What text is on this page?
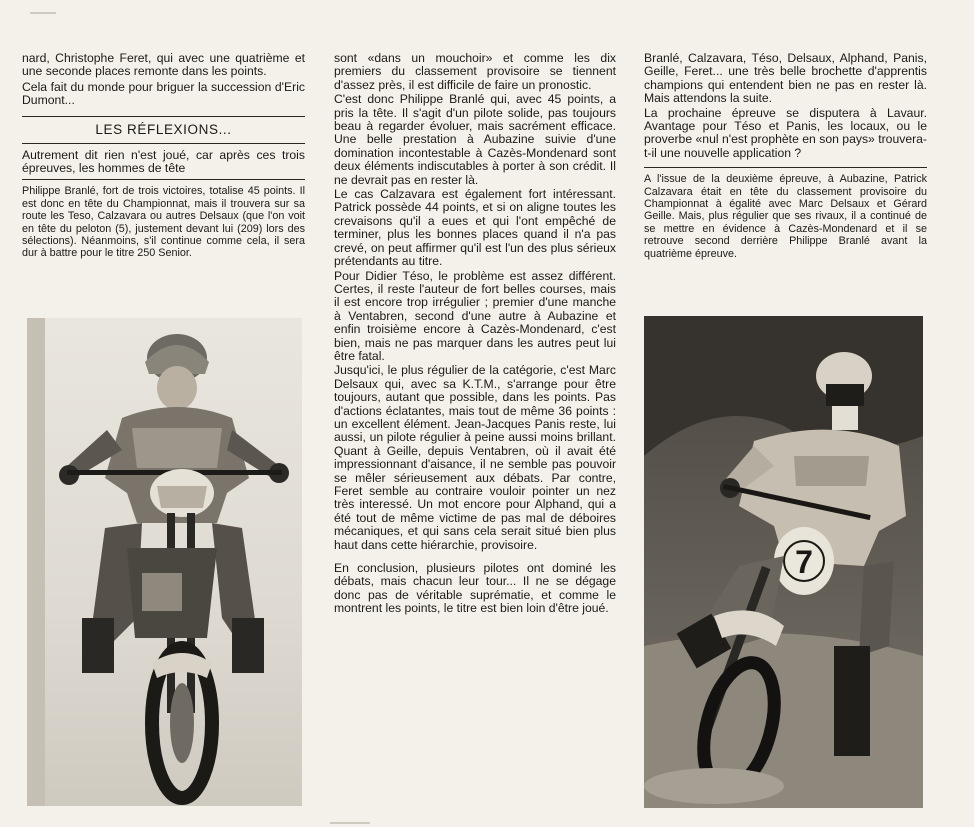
nard, Christophe Feret, qui avec une quatrième et une seconde places remonte dans les points.

Cela fait du monde pour briguer la succession d'Eric Dumont...

LES RÉFLEXIONS...

Autrement dit rien n'est joué, car après ces trois épreuves, les hommes de tête

Philippe Branlé, fort de trois victoires, totalise 45 points. Il est donc en tête du Championnat, mais il trouvera sur sa route les Teso, Calzavara ou autres Delsaux (que l'on voit en tête du peloton (5), justement devant lui (209) lors des sélections). Néanmoins, s'il continue comme cela, il sera dur à battre pour le titre 250 Senior.

sont «dans un mouchoir» et comme les dix premiers du classement provisoire se tiennent d'assez près, il est difficile de faire un pronostic.

C'est donc Philippe Branlé qui, avec 45 points, a pris la tête. Il s'agit d'un pilote solide, pas toujours beau à regarder évoluer, mais sacrément efficace. Une belle prestation à Aubazine suivie d'une domination incontestable à Cazès-Mondenard sont deux éléments indiscutables à porter à son crédit. Il ne devrait pas en rester là.

Le cas Calzavara est également fort intéressant. Patrick possède 44 points, et si on aligne toutes les crevaisons qu'il a eues et qui l'ont empêché de terminer, plus les bonnes places quand il n'a pas crevé, on peut affirmer qu'il est l'un des plus sérieux prétendants au titre.

Pour Didier Téso, le problème est assez différent. Certes, il reste l'auteur de fort belles courses, mais il est encore trop irrégulier ; premier d'une manche à Ventabren, second d'une autre à Aubazine et enfin troisième encore à Cazès-Mondenard, c'est bien, mais ne pas marquer dans les autres peut lui être fatal.

Jusqu'ici, le plus régulier de la catégorie, c'est Marc Delsaux qui, avec sa K.T.M., s'arrange pour être toujours, autant que possible, dans les points. Pas d'actions éclatantes, mais tout de même 36 points : un excellent élément. Jean-Jacques Panis reste, lui aussi, un pilote régulier à peine aussi moins brillant. Quant à Geille, depuis Ventabren, où il avait été impressionnant d'aisance, il ne semble pas pouvoir se mêler sérieusement aux débats. Par contre, Feret semble au contraire vouloir pointer un nez très interessé. Un mot encore pour Alphand, qui a été tout de même victime de pas mal de déboires mécaniques, et qui sans cela serait situé bien plus haut dans cette hiérarchie, provisoire.

En conclusion, plusieurs pilotes ont dominé les débats, mais chacun leur tour... Il ne se dégage donc pas de véritable suprématie, et comme le montrent les points, le titre est bien loin d'être joué.

Branlé, Calzavara, Téso, Delsaux, Alphand, Panis, Geille, Feret... une très belle brochette d'apprentis champions qui entendent bien ne pas en rester là. Mais attendons la suite.

La prochaine épreuve se disputera à Lavaur. Avantage pour Téso et Panis, les locaux, ou le proverbe «nul n'est prophète en son pays» trouvera-t-il une nouvelle application ?

A l'issue de la deuxième épreuve, à Aubazine, Patrick Calzavara était en tête du classement provisoire du Championnat à égalité avec Marc Delsaux et Gérard Geille. Mais, plus régulier que ses rivaux, il a continué de se mettre en évidence à Cazès-Mondenard et il se retrouve second derrière Philippe Branlé avant la quatrième épreuve.

7
